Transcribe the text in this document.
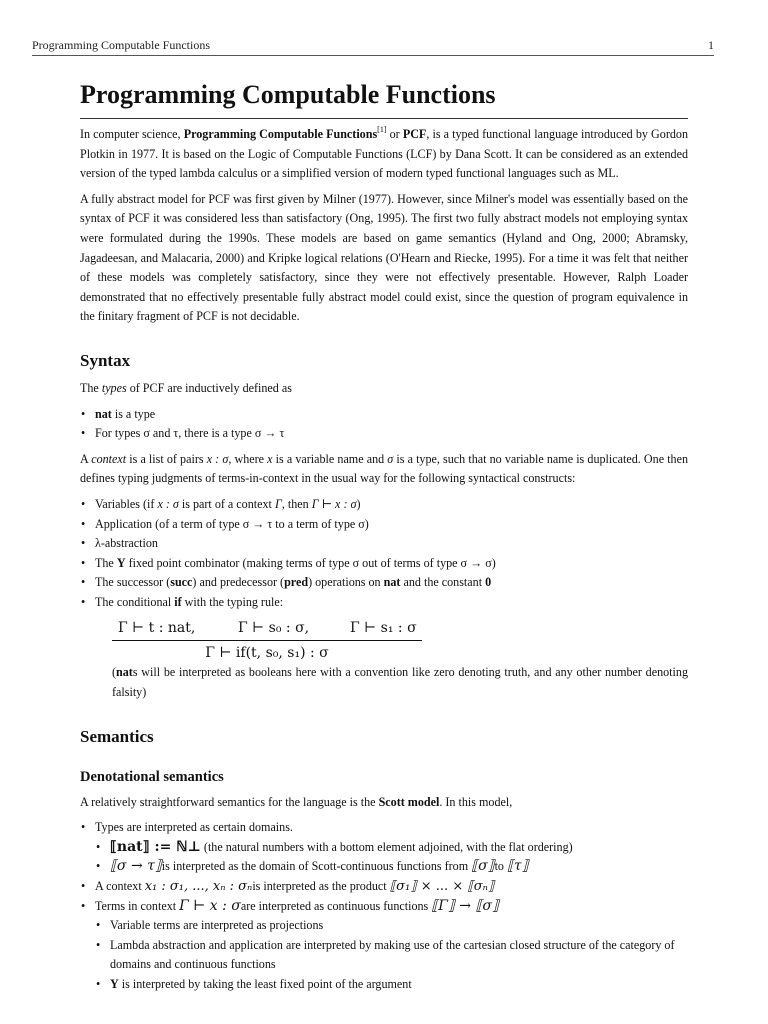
Programming Computable Functions	1
Programming Computable Functions

In computer science, Programming Computable Functions[1] or PCF, is a typed functional language introduced by Gordon Plotkin in 1977. It is based on the Logic of Computable Functions (LCF) by Dana Scott. It can be considered as an extended version of the typed lambda calculus or a simplified version of modern typed functional languages such as ML.

A fully abstract model for PCF was first given by Milner (1977). However, since Milner's model was essentially based on the syntax of PCF it was considered less than satisfactory (Ong, 1995). The first two fully abstract models not employing syntax were formulated during the 1990s. These models are based on game semantics (Hyland and Ong, 2000; Abramsky, Jagadeesan, and Malacaria, 2000) and Kripke logical relations (O'Hearn and Riecke, 1995). For a time it was felt that neither of these models was completely satisfactory, since they were not effectively presentable. However, Ralph Loader demonstrated that no effectively presentable fully abstract model could exist, since the question of program equivalence in the finitary fragment of PCF is not decidable.

Syntax

The types of PCF are inductively defined as

• nat is a type
• For types σ and τ, there is a type σ → τ

A context is a list of pairs x : σ, where x is a variable name and σ is a type, such that no variable name is duplicated. One then defines typing judgments of terms-in-context in the usual way for the following syntactical constructs:

• Variables (if x : σ is part of a context Γ, then Γ ⊢ x : σ)
• Application (of a term of type σ → τ to a term of type σ)
• λ-abstraction
• The Y fixed point combinator (making terms of type σ out of terms of type σ → σ)
• The successor (succ) and predecessor (pred) operations on nat and the constant 0
• The conditional if with the typing rule:
Γ ⊢ t : nat,	Γ ⊢ s₀ : σ,	Γ ⊢ s₁ : σ
Γ ⊢ if(t, s₀, s₁) : σ

(nats will be interpreted as booleans here with a convention like zero denoting truth, and any other number denoting falsity)

Semantics
Denotational semantics

A relatively straightforward semantics for the language is the Scott model. In this model,

• Types are interpreted as certain domains.
• ⟦nat⟧ := ℕ⊥ (the natural numbers with a bottom element adjoined, with the flat ordering)
• ⟦σ → τ⟧is interpreted as the domain of Scott-continuous functions from ⟦σ⟧to ⟦τ⟧
• A context x₁ : σ₁, ..., xₙ : σₙis interpreted as the product ⟦σ₁⟧ × ... × ⟦σₙ⟧
• Terms in context Γ ⊢ x : σare interpreted as continuous functions ⟦Γ⟧ → ⟦σ⟧
• Variable terms are interpreted as projections
• Lambda abstraction and application are interpreted by making use of the cartesian closed structure of the category of domains and continuous functions
• Y is interpreted by taking the least fixed point of the argument
